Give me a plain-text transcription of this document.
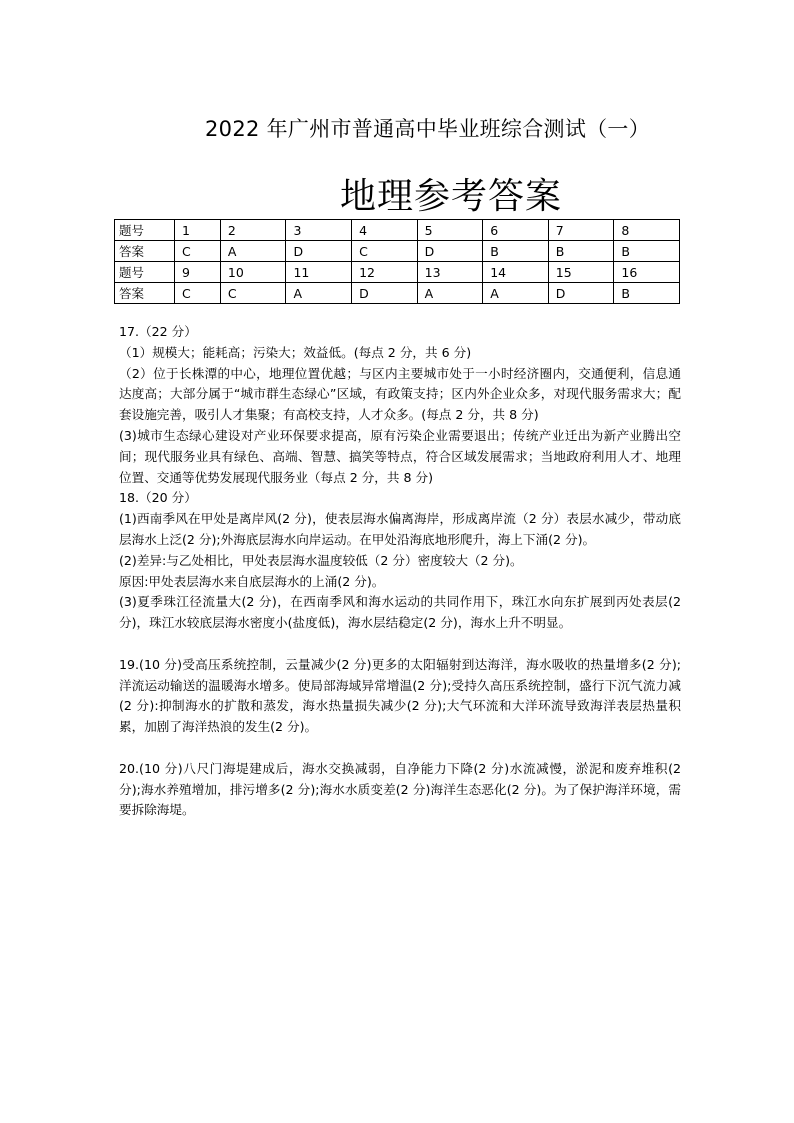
2022 年广州市普通高中毕业班综合测试（一）
地理参考答案
题号	1	2	3	4	5	6	7	8
答案	C	A	D	C	D	B	B	B
题号	9	10	11	12	13	14	15	16
答案	C	C	A	D	A	A	D	B

17.（22 分）

（1）规模大；能耗高；污染大；效益低。(每点 2 分，共 6 分)

（2）位于长株潭的中心，地理位置优越；与区内主要城市处于一小时经济圈内，交通便利，信息通达度高；大部分属于“城市群生态绿心”区域，有政策支持；区内外企业众多，对现代服务需求大；配套设施完善，吸引人才集聚；有高校支持，人才众多。(每点 2 分，共 8 分)

(3)城市生态绿心建设对产业环保要求提高，原有污染企业需要退出；传统产业迁出为新产业腾出空间；现代服务业具有绿色、高端、智慧、搞笑等特点，符合区域发展需求；当地政府利用人才、地理位置、交通等优势发展现代服务业（每点 2 分，共 8 分)

18.（20 分）

(1)西南季风在甲处是离岸风(2 分)，使表层海水偏离海岸，形成离岸流（2 分）表层水减少，带动底层海水上泛(2 分);外海底层海水向岸运动。在甲处沿海底地形爬升，海上下涌(2 分)。

(2)差异:与乙处相比，甲处表层海水温度较低（2 分）密度较大（2 分)。

原因:甲处表层海水来自底层海水的上涌(2 分)。

(3)夏季珠江径流量大(2 分)，在西南季风和海水运动的共同作用下，珠江水向东扩展到丙处表层(2 分)，珠江水较底层海水密度小(盐度低)，海水层结稳定(2 分)，海水上升不明显。

19.(10 分)受高压系统控制，云量减少(2 分)更多的太阳辐射到达海洋，海水吸收的热量增多(2 分);洋流运动输送的温暖海水增多。使局部海域异常增温(2 分);受持久高压系统控制，盛行下沉气流力减(2 分):抑制海水的扩散和蒸发，海水热量损失减少(2 分);大气环流和大洋环流导致海洋表层热量积累，加剧了海洋热浪的发生(2 分)。

20.(10 分)八尺门海堤建成后，海水交换减弱，自净能力下降(2 分)水流减慢，淤泥和废弃堆积(2 分);海水养殖增加，排污增多(2 分);海水水质变差(2 分)海洋生态恶化(2 分)。为了保护海洋环境，需要拆除海堤。
